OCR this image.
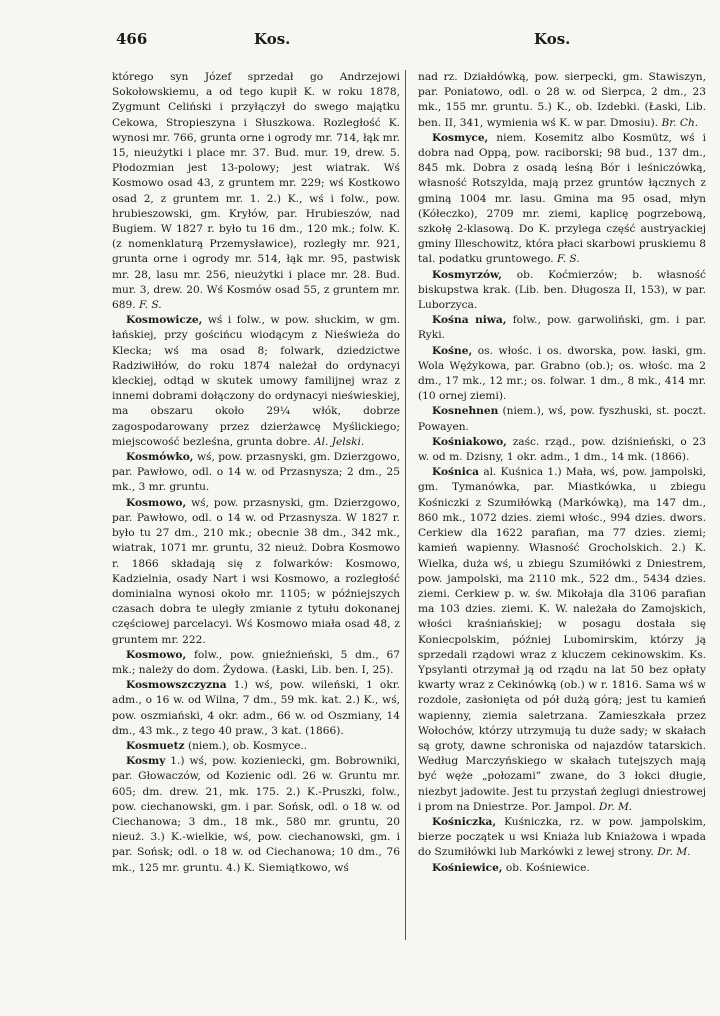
466	Kos.	Kos.

którego syn Józef sprzedał go Andrzejowi Sokołowskiemu, a od tego kupił K. w roku 1878, Zygmunt Celiński i przyłączył do swego majątku Cekowa, Stropieszyna i Słuszkowa. Rozległość K. wynosi mr. 766, grunta orne i ogrody mr. 714, łąk mr. 15, nieużytki i place mr. 37. Bud. mur. 19, drew. 5. Płodozmian jest 13-polowy; jest wiatrak. Wś Kosmowo osad 43, z gruntem mr. 229; wś Kostkowo osad 2, z gruntem mr. 1. 2.) K., wś i folw., pow. hrubieszowski, gm. Kryłów, par. Hrubieszów, nad Bugiem. W 1827 r. było tu 16 dm., 120 mk.; folw. K. (z nomenklaturą Przemysławice), rozległy mr. 921, grunta orne i ogrody mr. 514, łąk mr. 95, pastwisk mr. 28, lasu mr. 256, nieużytki i place mr. 28. Bud. mur. 3, drew. 20. Wś Kosmów osad 55, z gruntem mr. 689. F. S.

Kosmowicze, wś i folw., w pow. słuckim, w gm. łańskiej, przy gościńcu wiodącym z Nieświeża do Klecka; wś ma osad 8; folwark, dziedzictwe Radziwiłłów, do roku 1874 należał do ordynacyi kleckiej, odtąd w skutek umowy familijnej wraz z innemi dobrami dołączony do ordynacyi nieświeskiej, ma obszaru około 29¼ włók, dobrze zagospodarowany przez dzierżawcę Myślickiego; miejscowość bezleśna, grunta dobre. Al. Jelski.

Kosmówko, wś, pow. przasnyski, gm. Dzierzgowo, par. Pawłowo, odl. o 14 w. od Przasnysza; 2 dm., 25 mk., 3 mr. gruntu.

Kosmowo, wś, pow. przasnyski, gm. Dzierzgowo, par. Pawłowo, odl. o 14 w. od Przasnysza. W 1827 r. było tu 27 dm., 210 mk.; obecnie 38 dm., 342 mk., wiatrak, 1071 mr. gruntu, 32 nieuż. Dobra Kosmowo r. 1866 składają się z folwarków: Kosmowo, Kadzielnia, osady Nart i wsi Kosmowo, a rozległość dominialna wynosi około mr. 1105; w późniejszych czasach dobra te uległy zmianie z tytułu dokonanej częściowej parcelacyi. Wś Kosmowo miała osad 48, z gruntem mr. 222.

Kosmowo, folw., pow. gnieźnieński, 5 dm., 67 mk.; należy do dom. Żydowa. (Łaski, Lib. ben. I, 25).

Kosmowszczyzna 1.) wś, pow. wileński, 1 okr. adm., o 16 w. od Wilna, 7 dm., 59 mk. kat. 2.) K., wś, pow. oszmiański, 4 okr. adm., 66 w. od Oszmiany, 14 dm., 43 mk., z tego 40 praw., 3 kat. (1866).

Kosmuetz (niem.), ob. Kosmyce..

Kosmy 1.) wś, pow. kozieniecki, gm. Bobrowniki, par. Głowaczów, od Kozienic odl. 26 w. Gruntu mr. 605; dm. drew. 21, mk. 175. 2.) K.-Pruszki, folw., pow. ciechanowski, gm. i par. Sońsk, odl. o 18 w. od Ciechanowa; 3 dm., 18 mk., 580 mr. gruntu, 20 nieuż. 3.) K.-wielkie, wś, pow. ciechanowski, gm. i par. Sońsk; odl. o 18 w. od Ciechanowa; 10 dm., 76 mk., 125 mr. gruntu. 4.) K. Siemiątkowo, wś

nad rz. Działdówką, pow. sierpecki, gm. Stawiszyn, par. Poniatowo, odl. o 28 w. od Sierpca, 2 dm., 23 mk., 155 mr. gruntu. 5.) K., ob. Izdebki. (Łaski, Lib. ben. II, 341, wymienia wś K. w par. Dmosiu). Br. Ch.

Kosmyce, niem. Kosemitz albo Kosmütz, wś i dobra nad Oppą, pow. raciborski; 98 bud., 137 dm., 845 mk. Dobra z osadą leśną Bór i leśniczówką, własność Rotszylda, mają przez gruntów łącznych z gminą 1004 mr. lasu. Gmina ma 95 osad, młyn (Kółeczko), 2709 mr. ziemi, kaplicę pogrzebową, szkołę 2-klasową. Do K. przylega część austryackiej gminy Illeschowitz, która płaci skarbowi pruskiemu 8 tal. podatku gruntowego. F. S.

Kosmyrzów, ob. Koćmierzów; b. własność biskupstwa krak. (Lib. ben. Długosza II, 153), w par. Luborzyca.

Kośna niwa, folw., pow. garwoliński, gm. i par. Ryki.

Kośne, os. włośc. i os. dworska, pow. łaski, gm. Wola Wężykowa, par. Grabno (ob.); os. włośc. ma 2 dm., 17 mk., 12 mr.; os. folwar. 1 dm., 8 mk., 414 mr. (10 ornej ziemi).

Kosnehnen (niem.), wś, pow. fyszhuski, st. poczt. Powayen.

Kośniakowo, zaśc. rząd., pow. dziśnieński, o 23 w. od m. Dzisny, 1 okr. adm., 1 dm., 14 mk. (1866).

Kośnica al. Kuśnica 1.) Mała, wś, pow. jampolski, gm. Tymanówka, par. Miastkówka, u zbiegu Kośniczki z Szumiłówką (Markówką), ma 147 dm., 860 mk., 1072 dzies. ziemi włośc., 994 dzies. dwors. Cerkiew dla 1622 parafian, ma 77 dzies. ziemi; kamień wapienny. Własność Grocholskich. 2.) K. Wielka, duża wś, u zbiegu Szumiłówki z Dniestrem, pow. jampolski, ma 2110 mk., 522 dm., 5434 dzies. ziemi. Cerkiew p. w. św. Mikołaja dla 3106 parafian ma 103 dzies. ziemi. K. W. należała do Zamojskich, włości kraśniańskiej; w posagu dostała się Koniecpolskim, później Lubomirskim, którzy ją sprzedali rządowi wraz z kluczem cekinowskim. Ks. Ypsylanti otrzymał ją od rządu na lat 50 bez opłaty kwarty wraz z Cekinówką (ob.) w r. 1816. Sama wś w rozdole, zasłonięta od pół dużą górą; jest tu kamień wapienny, ziemia saletrzana. Zamieszkała przez Wołochów, którzy utrzymują tu duże sady; w skałach są groty, dawne schroniska od najazdów tatarskich. Według Marczyńskiego w skałach tutejszych mają być węże „połozami” zwane, do 3 łokci długie, niezbyt jadowite. Jest tu przystań żeglugi dniestrowej i prom na Dniestrze. Por. Jampol. Dr. M.

Kośniczka, Kuśniczka, rz. w pow. jampolskim, bierze początek u wsi Kniaża lub Kniażowa i wpada do Szumiłówki lub Markówki z lewej strony. Dr. M.

Kośniewice, ob. Kośniewice.
